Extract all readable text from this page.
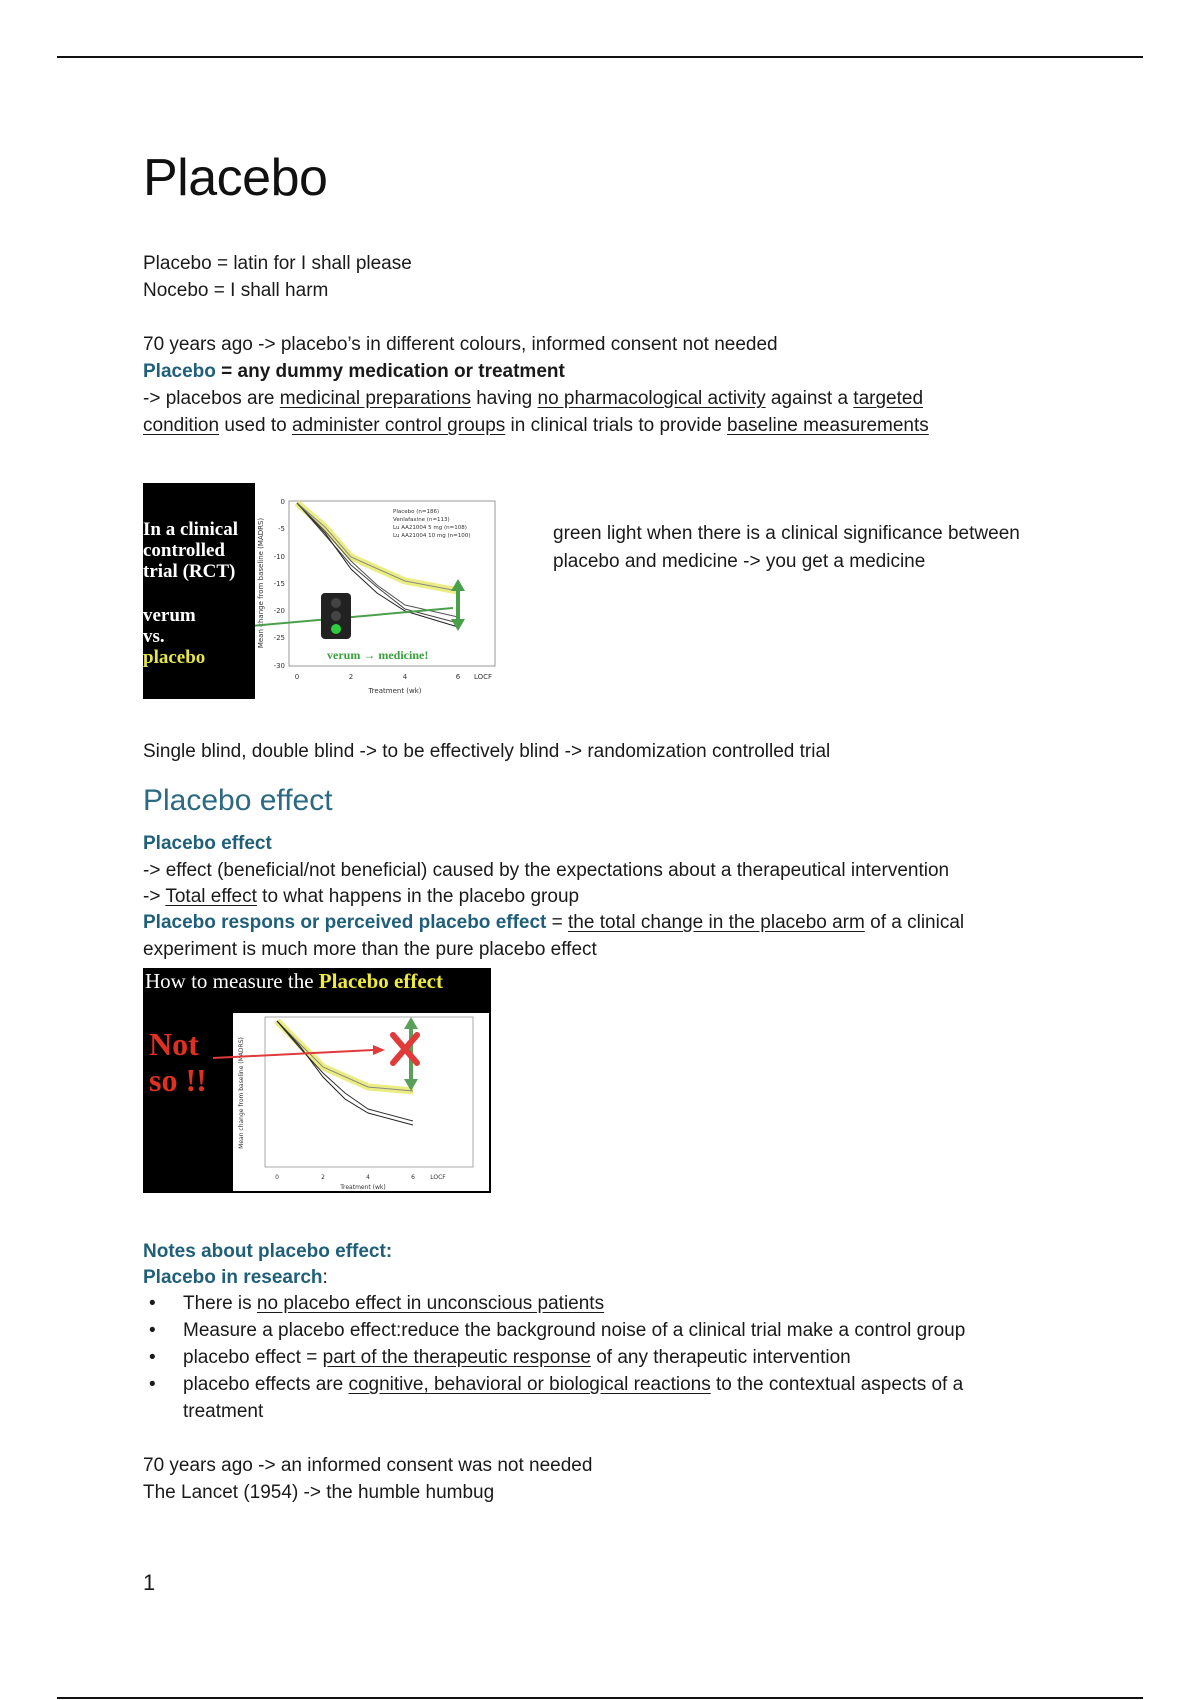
Placebo
Placebo = latin for I shall please
Nocebo = I shall harm
70 years ago -> placebo’s in different colours, informed consent not needed
Placebo = any dummy medication or treatment
-> placebos are medicinal preparations having no pharmacological activity against a targeted
condition used to administer control groups in clinical trials to provide baseline measurements
In a clinical
controlled
trial (RCT)
verum
vs.
placebo
Mean change from baseline (MADRS)
0
-5
-10
-15
-20
-25
-30
0	2	4	6 LOCF
Treatment (wk)
Placebo (n=186)
Venlafaxine (n=113)
Lu AA21004 5 mg (n=108)
Lu AA21004 10 mg (n=100)
verum → medicine!
green light when there is a clinical significance between
placebo and medicine -> you get a medicine
Single blind, double blind -> to be effectively blind -> randomization controlled trial
Placebo effect
Placebo effect
-> effect (beneficial/not beneficial) caused by the expectations about a therapeutical intervention
-> Total effect to what happens in the placebo group
Placebo respons or perceived placebo effect = the total change in the placebo arm of a clinical
experiment is much more than the pure placebo effect
How to measure the Placebo effect
Not
so !!	Mean change from baseline (MADRS)
0	2	4	6	LOCF
Treatment (wk)
Notes about placebo effect:
Placebo in research:
• There is no placebo effect in unconscious patients
• Measure a placebo effect:reduce the background noise of a clinical trial make a control group
• placebo effect = part of the therapeutic response of any therapeutic intervention
• placebo effects are cognitive, behavioral or biological reactions to the contextual aspects of a
treatment
70 years ago -> an informed consent was not needed
The Lancet (1954) -> the humble humbug
1
